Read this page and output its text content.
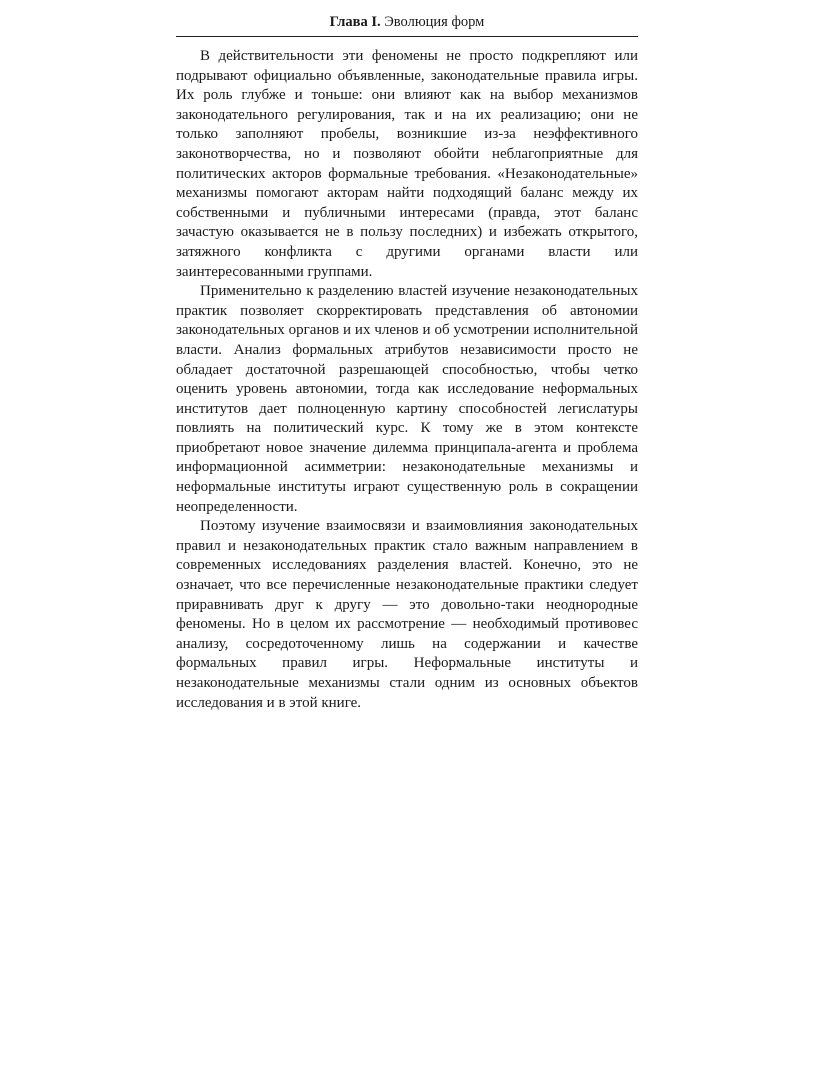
Глава I. Эволюция форм

В действительности эти феномены не просто подкрепляют или подрывают официально объявленные, законодательные правила игры. Их роль глубже и тоньше: они влияют как на выбор механизмов законодательного регулирования, так и на их реализацию; они не только заполняют пробелы, возникшие из-за неэффективного законотворчества, но и позволяют обойти неблагоприятные для политических акторов формальные требования. «Незаконодательные» механизмы помогают акторам найти подходящий баланс между их собственными и публичными интересами (правда, этот баланс зачастую оказывается не в пользу последних) и избежать открытого, затяжного конфликта с другими органами власти или заинтересованными группами.

Применительно к разделению властей изучение незаконодательных практик позволяет скорректировать представления об автономии законодательных органов и их членов и об усмотрении исполнительной власти. Анализ формальных атрибутов независимости просто не обладает достаточной разрешающей способностью, чтобы четко оценить уровень автономии, тогда как исследование неформальных институтов дает полноценную картину способностей легислатуры повлиять на политический курс. К тому же в этом контексте приобретают новое значение дилемма принципала-агента и проблема информационной асимметрии: незаконодательные механизмы и неформальные институты играют существенную роль в сокращении неопределенности.

Поэтому изучение взаимосвязи и взаимовлияния законодательных правил и незаконодательных практик стало важным направлением в современных исследованиях разделения властей. Конечно, это не означает, что все перечисленные незаконодательные практики следует приравнивать друг к другу — это довольно-таки неоднородные феномены. Но в целом их рассмотрение — необходимый противовес анализу, сосредоточенному лишь на содержании и качестве формальных правил игры. Неформальные институты и незаконодательные механизмы стали одним из основных объектов исследования и в этой книге.
